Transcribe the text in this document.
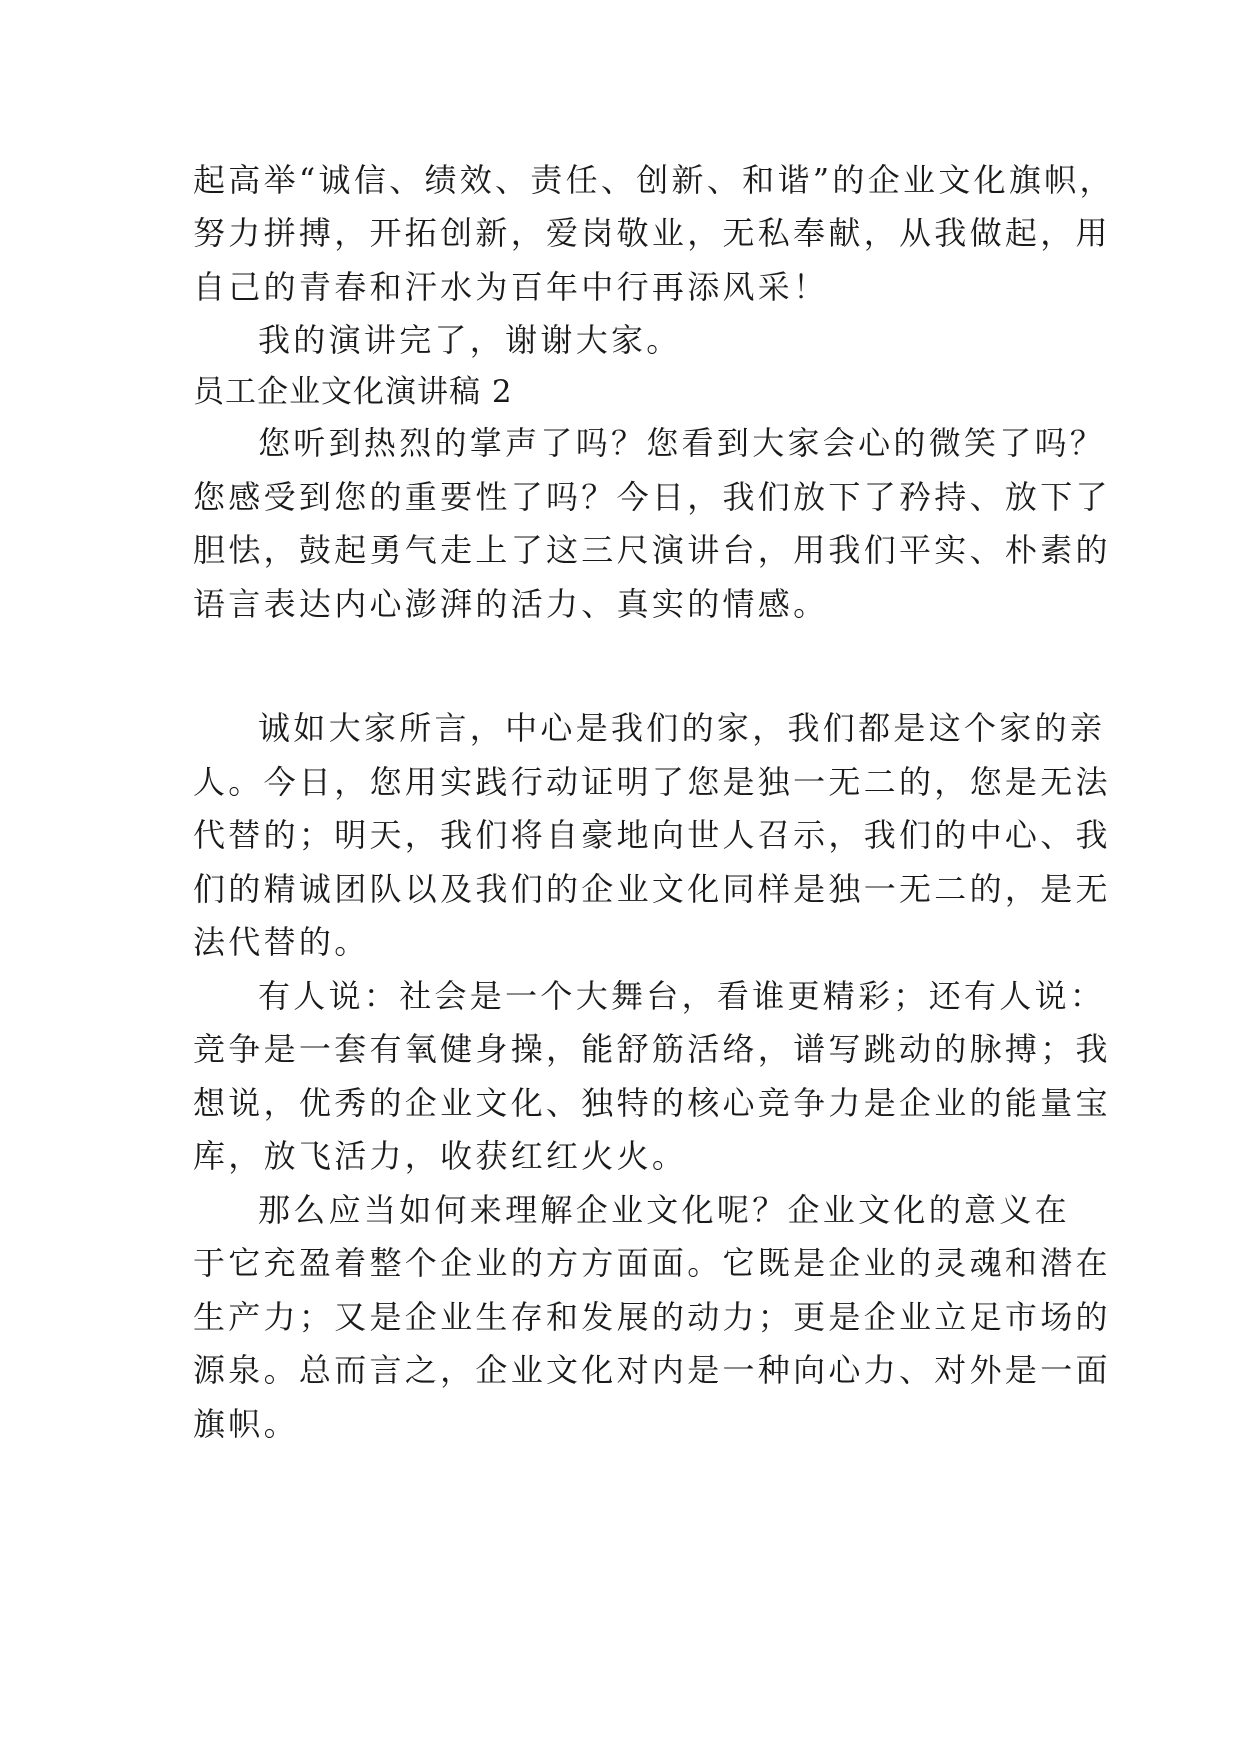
起高举“诚信、绩效、责任、创新、和谐”的企业文化旗帜，
努力拼搏，开拓创新，爱岗敬业，无私奉献，从我做起，用
自己的青春和汗水为百年中行再添风采！
我的演讲完了，谢谢大家。
员工企业文化演讲稿 2
您听到热烈的掌声了吗？您看到大家会心的微笑了吗？
您感受到您的重要性了吗？今日，我们放下了矜持、放下了
胆怯，鼓起勇气走上了这三尺演讲台，用我们平实、朴素的
语言表达内心澎湃的活力、真实的情感。
诚如大家所言，中心是我们的家，我们都是这个家的亲
人。今日，您用实践行动证明了您是独一无二的，您是无法
代替的；明天，我们将自豪地向世人召示，我们的中心、我
们的精诚团队以及我们的企业文化同样是独一无二的，是无
法代替的。
有人说：社会是一个大舞台，看谁更精彩；还有人说：
竞争是一套有氧健身操，能舒筋活络，谱写跳动的脉搏；我
想说，优秀的企业文化、独特的核心竞争力是企业的能量宝
库，放飞活力，收获红红火火。
那么应当如何来理解企业文化呢？企业文化的意义在
于它充盈着整个企业的方方面面。它既是企业的灵魂和潜在
生产力；又是企业生存和发展的动力；更是企业立足市场的
源泉。总而言之，企业文化对内是一种向心力、对外是一面
旗帜。
